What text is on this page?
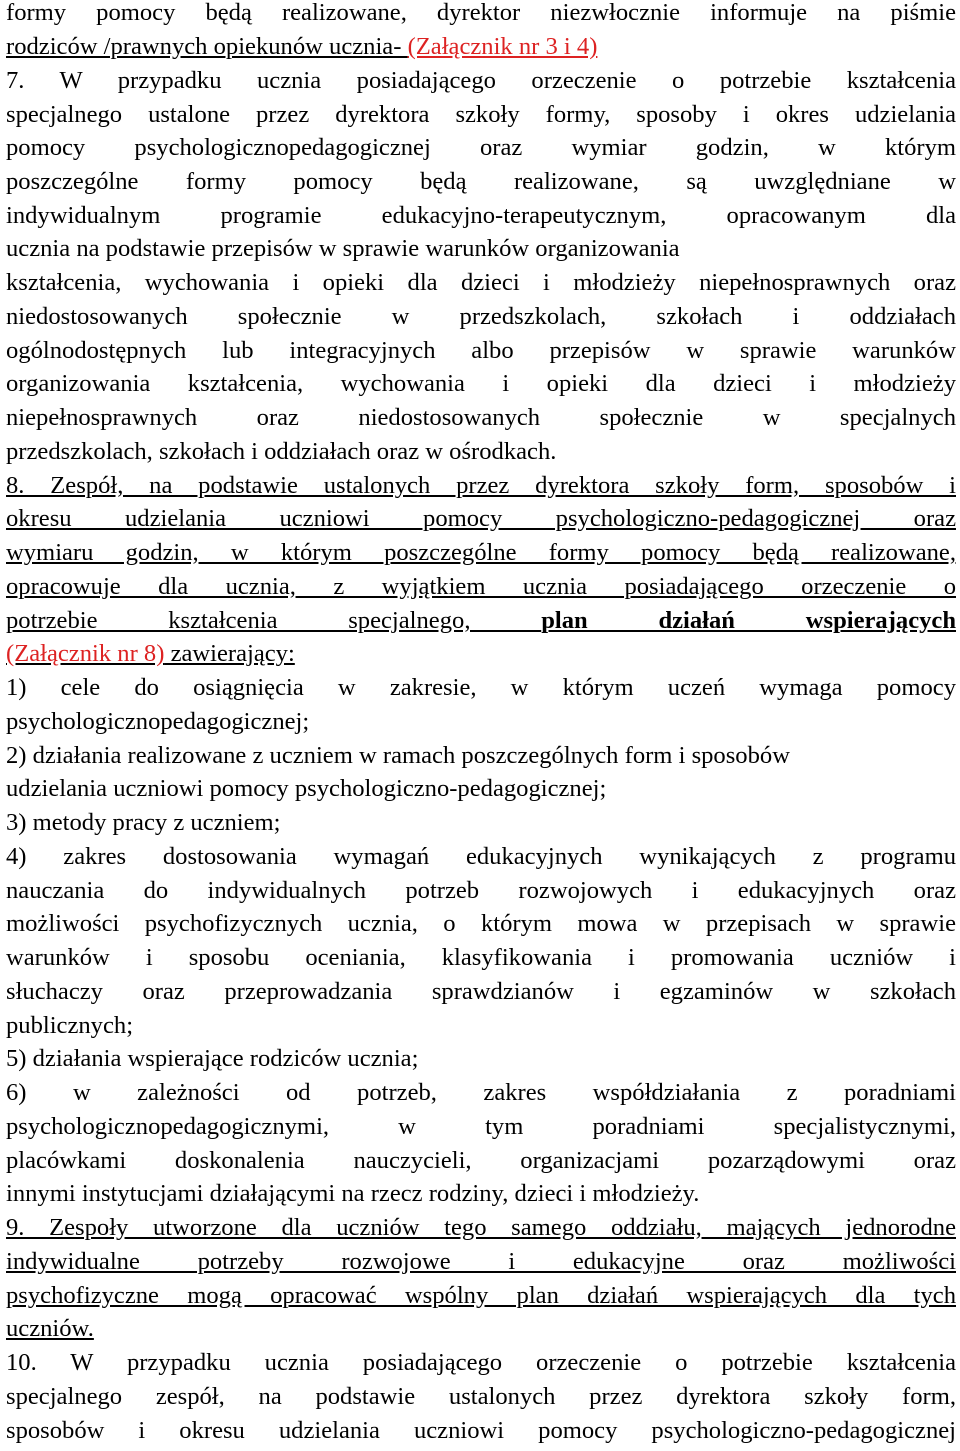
formy pomocy będą realizowane, dyrektor niezwłocznie informuje na piśmie
rodziców /prawnych opiekunów ucznia- (Załącznik nr 3 i 4)
7. W przypadku ucznia posiadającego orzeczenie o potrzebie kształcenia
specjalnego ustalone przez dyrektora szkoły formy, sposoby i okres udzielania
pomocy psychologicznopedagogicznej oraz wymiar godzin, w którym
poszczególne formy pomocy będą realizowane, są uwzględniane w
indywidualnym programie edukacyjno-terapeutycznym, opracowanym dla
ucznia na podstawie przepisów w sprawie warunków organizowania
kształcenia, wychowania i opieki dla dzieci i młodzieży niepełnosprawnych oraz
niedostosowanych społecznie w przedszkolach, szkołach i oddziałach
ogólnodostępnych lub integracyjnych albo przepisów w sprawie warunków
organizowania kształcenia, wychowania i opieki dla dzieci i młodzieży
niepełnosprawnych oraz niedostosowanych społecznie w specjalnych
przedszkolach, szkołach i oddziałach oraz w ośrodkach.
8. Zespół, na podstawie ustalonych przez dyrektora szkoły form, sposobów i
okresu udzielania uczniowi pomocy psychologiczno-pedagogicznej oraz
wymiaru godzin, w którym poszczególne formy pomocy będą realizowane,
opracowuje dla ucznia, z wyjątkiem ucznia posiadającego orzeczenie o
potrzebie kształcenia specjalnego, plan działań wspierających
(Załącznik nr 8) zawierający:
1) cele do osiągnięcia w zakresie, w którym uczeń wymaga pomocy
psychologicznopedagogicznej;
2) działania realizowane z uczniem w ramach poszczególnych form i sposobów
udzielania uczniowi pomocy psychologiczno-pedagogicznej;
3) metody pracy z uczniem;
4) zakres dostosowania wymagań edukacyjnych wynikających z programu
nauczania do indywidualnych potrzeb rozwojowych i edukacyjnych oraz
możliwości psychofizycznych ucznia, o którym mowa w przepisach w sprawie
warunków i sposobu oceniania, klasyfikowania i promowania uczniów i
słuchaczy oraz przeprowadzania sprawdzianów i egzaminów w szkołach
publicznych;
5) działania wspierające rodziców ucznia;
6) w zależności od potrzeb, zakres współdziałania z poradniami
psychologicznopedagogicznymi, w tym poradniami specjalistycznymi,
placówkami doskonalenia nauczycieli, organizacjami pozarządowymi oraz
innymi instytucjami działającymi na rzecz rodziny, dzieci i młodzieży.
9. Zespoły utworzone dla uczniów tego samego oddziału, mających jednorodne
indywidualne potrzeby rozwojowe i edukacyjne oraz możliwości
psychofizyczne mogą opracować wspólny plan działań wspierających dla tych
uczniów.
10. W przypadku ucznia posiadającego orzeczenie o potrzebie kształcenia
specjalnego zespół, na podstawie ustalonych przez dyrektora szkoły form,
sposobów i okresu udzielania uczniowi pomocy psychologiczno-pedagogicznej
